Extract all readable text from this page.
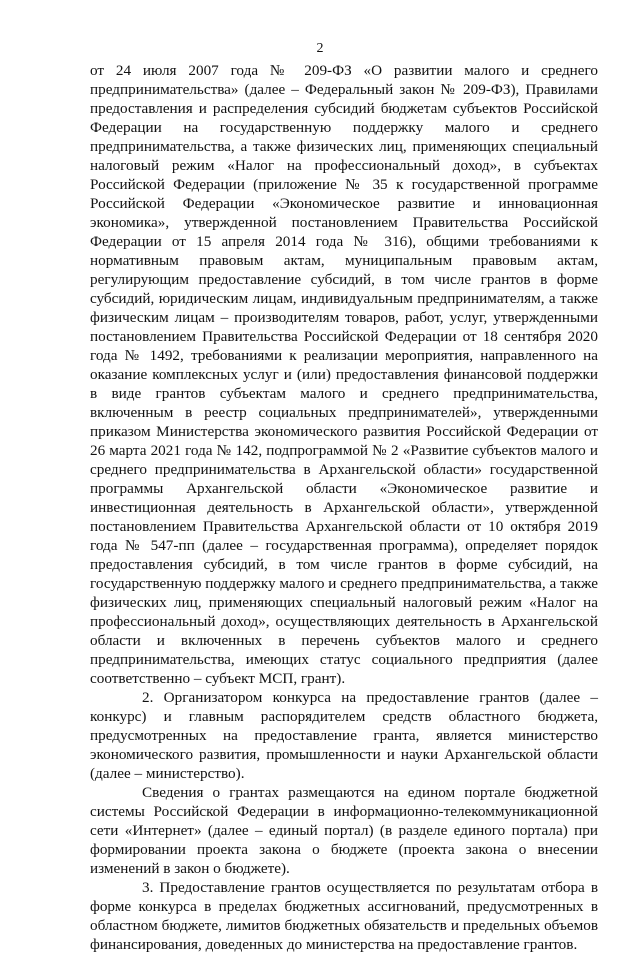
2

от 24 июля 2007 года № 209-ФЗ «О развитии малого и среднего предпринимательства» (далее – Федеральный закон № 209-ФЗ), Правилами предоставления и распределения субсидий бюджетам субъектов Российской Федерации на государственную поддержку малого и среднего предпринимательства, а также физических лиц, применяющих специальный налоговый режим «Налог на профессиональный доход», в субъектах Российской Федерации (приложение № 35 к государственной программе Российской Федерации «Экономическое развитие и инновационная экономика», утвержденной постановлением Правительства Российской Федерации от 15 апреля 2014 года № 316), общими требованиями к нормативным правовым актам, муниципальным правовым актам, регулирующим предоставление субсидий, в том числе грантов в форме субсидий, юридическим лицам, индивидуальным предпринимателям, а также физическим лицам – производителям товаров, работ, услуг, утвержденными постановлением Правительства Российской Федерации от 18 сентября 2020 года № 1492, требованиями к реализации мероприятия, направленного на оказание комплексных услуг и (или) предоставления финансовой поддержки в виде грантов субъектам малого и среднего предпринимательства, включенным в реестр социальных предпринимателей», утвержденными приказом Министерства экономического развития Российской Федерации от 26 марта 2021 года № 142, подпрограммой № 2 «Развитие субъектов малого и среднего предпринимательства в Архангельской области» государственной программы Архангельской области «Экономическое развитие и инвестиционная деятельность в Архангельской области», утвержденной постановлением Правительства Архангельской области от 10 октября 2019 года № 547-пп (далее – государственная программа), определяет порядок предоставления субсидий, в том числе грантов в форме субсидий, на государственную поддержку малого и среднего предпринимательства, а также физических лиц, применяющих специальный налоговый режим «Налог на профессиональный доход», осуществляющих деятельность в Архангельской области и включенных в перечень субъектов малого и среднего предпринимательства, имеющих статус социального предприятия (далее соответственно – субъект МСП, грант).

2. Организатором конкурса на предоставление грантов (далее – конкурс) и главным распорядителем средств областного бюджета, предусмотренных на предоставление гранта, является министерство экономического развития, промышленности и науки Архангельской области (далее – министерство).

Сведения о грантах размещаются на едином портале бюджетной системы Российской Федерации в информационно-телекоммуникационной сети «Интернет» (далее – единый портал) (в разделе единого портала) при формировании проекта закона о бюджете (проекта закона о внесении изменений в закон о бюджете).

3. Предоставление грантов осуществляется по результатам отбора в форме конкурса в пределах бюджетных ассигнований, предусмотренных в областном бюджете, лимитов бюджетных обязательств и предельных объемов финансирования, доведенных до министерства на предоставление грантов.
